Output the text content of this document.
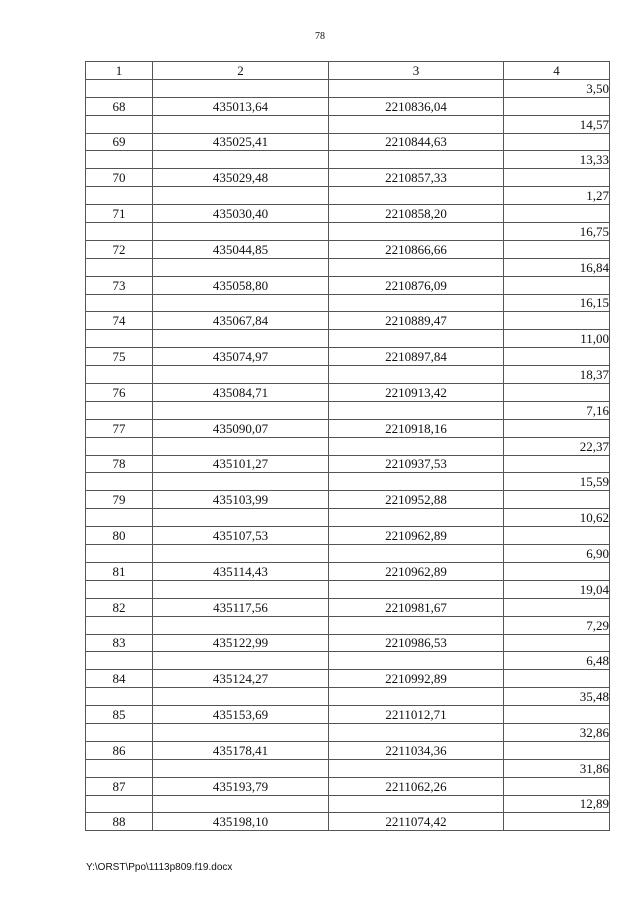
78
1	2	3	4
			3,50
68	435013,64	2210836,04	
			14,57
69	435025,41	2210844,63	
			13,33
70	435029,48	2210857,33	
			1,27
71	435030,40	2210858,20	
			16,75
72	435044,85	2210866,66	
			16,84
73	435058,80	2210876,09	
			16,15
74	435067,84	2210889,47	
			11,00
75	435074,97	2210897,84	
			18,37
76	435084,71	2210913,42	
			7,16
77	435090,07	2210918,16	
			22,37
78	435101,27	2210937,53	
			15,59
79	435103,99	2210952,88	
			10,62
80	435107,53	2210962,89	
			6,90
81	435114,43	2210962,89	
			19,04
82	435117,56	2210981,67	
			7,29
83	435122,99	2210986,53	
			6,48
84	435124,27	2210992,89	
			35,48
85	435153,69	2211012,71	
			32,86
86	435178,41	2211034,36	
			31,86
87	435193,79	2211062,26	
			12,89
88	435198,10	2211074,42	
Y:\ORST\Ppo\1113p809.f19.docx
